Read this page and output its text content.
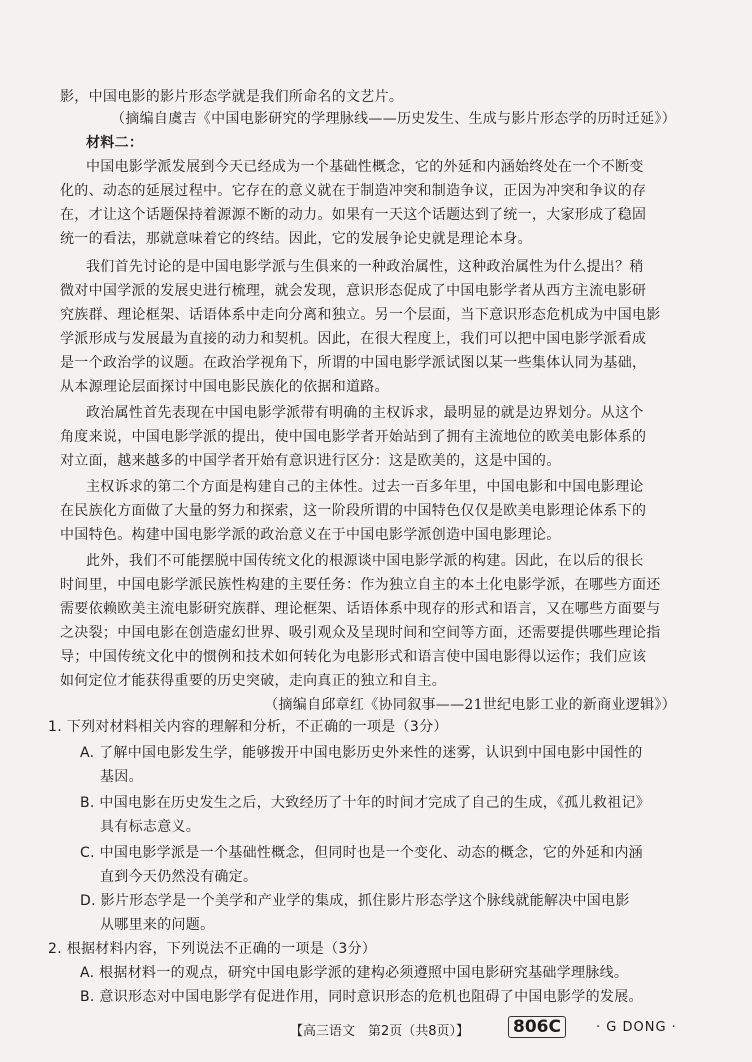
影，中国电影的影片形态学就是我们所命名的文艺片。
（摘编自虞吉《中国电影研究的学理脉线——历史发生、生成与影片形态学的历时迁延》）
材料二：
中国电影学派发展到今天已经成为一个基础性概念，它的外延和内涵始终处在一个不断变
化的、动态的延展过程中。它存在的意义就在于制造冲突和制造争议，正因为冲突和争议的存
在，才让这个话题保持着源源不断的动力。如果有一天这个话题达到了统一，大家形成了稳固
统一的看法，那就意味着它的终结。因此，它的发展争论史就是理论本身。
我们首先讨论的是中国电影学派与生俱来的一种政治属性，这种政治属性为什么提出？稍
微对中国学派的发展史进行梳理，就会发现，意识形态促成了中国电影学者从西方主流电影研
究族群、理论框架、话语体系中走向分离和独立。另一个层面，当下意识形态危机成为中国电影
学派形成与发展最为直接的动力和契机。因此，在很大程度上，我们可以把中国电影学派看成
是一个政治学的议题。在政治学视角下，所谓的中国电影学派试图以某一些集体认同为基础，
从本源理论层面探讨中国电影民族化的依据和道路。
政治属性首先表现在中国电影学派带有明确的主权诉求，最明显的就是边界划分。从这个
角度来说，中国电影学派的提出，使中国电影学者开始站到了拥有主流地位的欧美电影体系的
对立面，越来越多的中国学者开始有意识进行区分：这是欧美的，这是中国的。
主权诉求的第二个方面是构建自己的主体性。过去一百多年里，中国电影和中国电影理论
在民族化方面做了大量的努力和探索，这一阶段所谓的中国特色仅仅是欧美电影理论体系下的
中国特色。构建中国电影学派的政治意义在于中国电影学派创造中国电影理论。
此外，我们不可能摆脱中国传统文化的根源谈中国电影学派的构建。因此，在以后的很长
时间里，中国电影学派民族性构建的主要任务：作为独立自主的本土化电影学派，在哪些方面还
需要依赖欧美主流电影研究族群、理论框架、话语体系中现存的形式和语言，又在哪些方面要与
之决裂；中国电影在创造虚幻世界、吸引观众及呈现时间和空间等方面，还需要提供哪些理论指
导；中国传统文化中的惯例和技术如何转化为电影形式和语言使中国电影得以运作；我们应该
如何定位才能获得重要的历史突破，走向真正的独立和自主。
（摘编自邱章红《协同叙事——21世纪电影工业的新商业逻辑》）
1. 下列对材料相关内容的理解和分析，不正确的一项是（3分）
A. 了解中国电影发生学，能够拨开中国电影历史外来性的迷雾，认识到中国电影中国性的
基因。
B. 中国电影在历史发生之后，大致经历了十年的时间才完成了自己的生成，《孤儿救祖记》
具有标志意义。
C. 中国电影学派是一个基础性概念，但同时也是一个变化、动态的概念，它的外延和内涵
直到今天仍然没有确定。
D. 影片形态学是一个美学和产业学的集成，抓住影片形态学这个脉线就能解决中国电影
从哪里来的问题。
2. 根据材料内容，下列说法不正确的一项是（3分）
A. 根据材料一的观点，研究中国电影学派的建构必须遵照中国电影研究基础学理脉线。
B. 意识形态对中国电影学有促进作用，同时意识形态的危机也阻碍了中国电影学的发展。
【高三语文　第2页（共8页）】	806C	· G DONG ·
